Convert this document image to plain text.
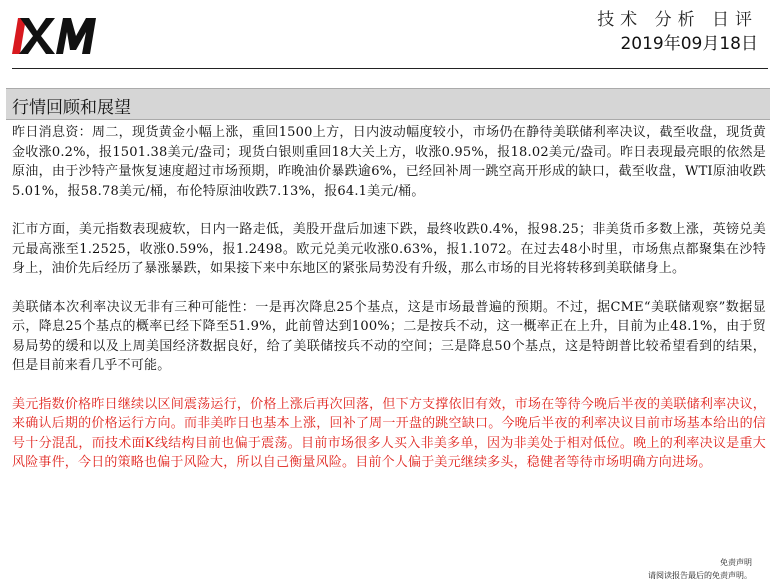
技术 分析 日评
2019年09月18日
行情回顾和展望

昨日消息资：周二，现货黄金小幅上涨，重回1500上方，日内波动幅度较小，市场仍在静待美联储利率决议，截至收盘，现货黄金收涨0.2%，报1501.38美元/盎司；现货白银则重回18大关上方，收涨0.95%，报18.02美元/盎司。昨日表现最亮眼的依然是原油，由于沙特产量恢复速度超过市场预期，昨晚油价暴跌逾6%，已经回补周一跳空高开形成的缺口，截至收盘，WTI原油收跌5.01%，报58.78美元/桶，布伦特原油收跌7.13%，报64.1美元/桶。

汇市方面，美元指数表现疲软，日内一路走低，美股开盘后加速下跌，最终收跌0.4%，报98.25；非美货币多数上涨，英镑兑美元最高涨至1.2525，收涨0.59%，报1.2498。欧元兑美元收涨0.63%，报1.1072。在过去48小时里，市场焦点都聚集在沙特身上，油价先后经历了暴涨暴跌，如果接下来中东地区的紧张局势没有升级，那么市场的目光将转移到美联储身上。

美联储本次利率决议无非有三种可能性：一是再次降息25个基点，这是市场最普遍的预期。不过，据CME“美联储观察”数据显示，降息25个基点的概率已经下降至51.9%，此前曾达到100%；二是按兵不动，这一概率正在上升，目前为止48.1%，由于贸易局势的缓和以及上周美国经济数据良好，给了美联储按兵不动的空间；三是降息50个基点，这是特朗普比较希望看到的结果，但是目前来看几乎不可能。

美元指数价格昨日继续以区间震荡运行，价格上涨后再次回落，但下方支撑依旧有效，市场在等待今晚后半夜的美联储利率决议，来确认后期的价格运行方向。而非美昨日也基本上涨，回补了周一开盘的跳空缺口。今晚后半夜的利率决议目前市场基本给出的信号十分混乱，而技术面K线结构目前也偏于震荡。目前市场很多人买入非美多单，因为非美处于相对低位。晚上的利率决议是重大风险事件，今日的策略也偏于风险大，所以自己衡量风险。目前个人偏于美元继续多头，稳健者等待市场明确方向进场。

免责声明
请阅读报告最后的免责声明。
